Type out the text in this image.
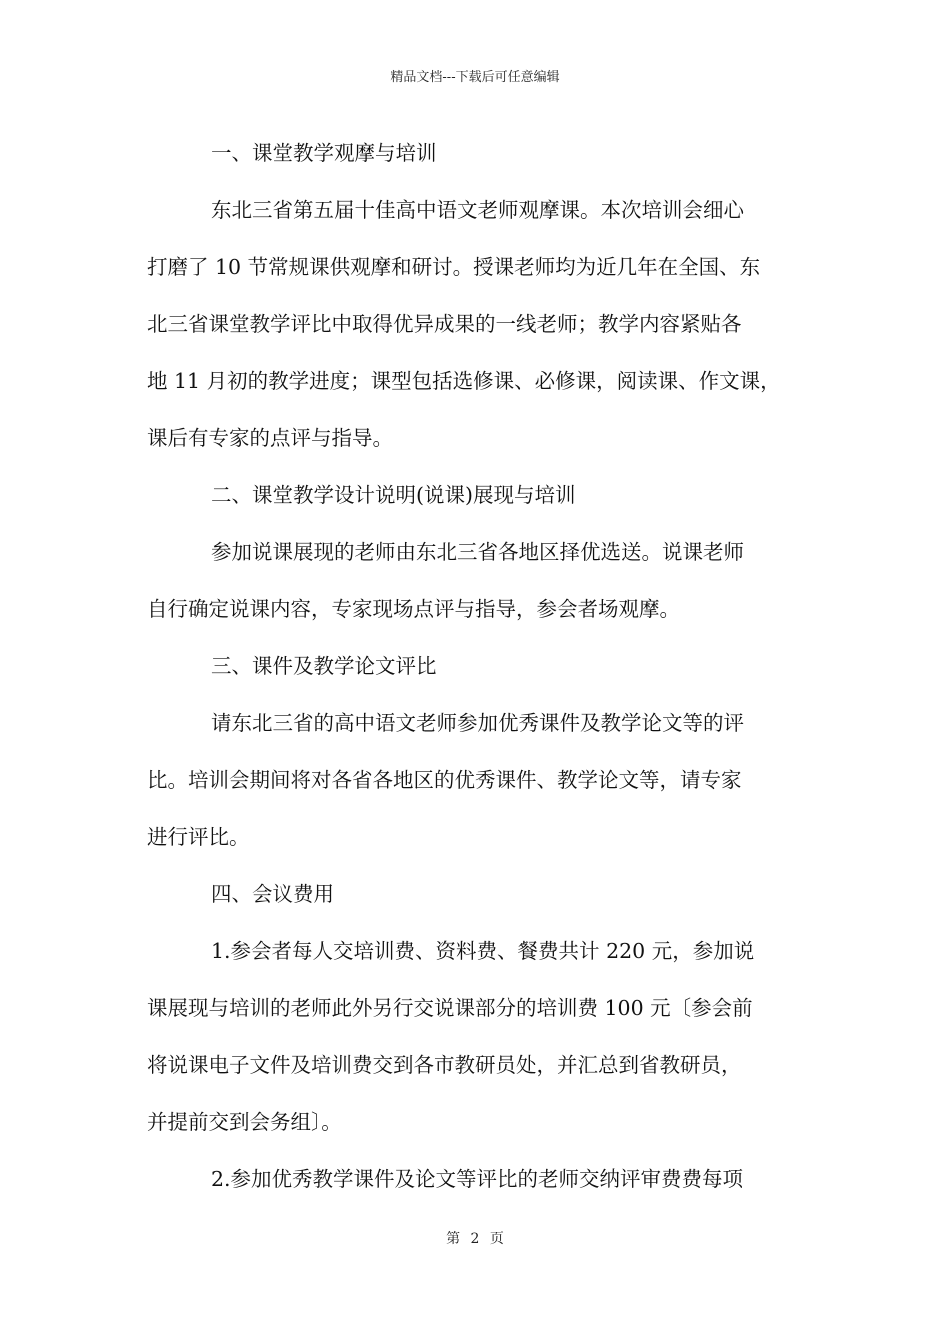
精品文档---下载后可任意编辑
一、课堂教学观摩与培训
东北三省第五届十佳高中语文老师观摩课。本次培训会细心
打磨了 10 节常规课供观摩和研讨。授课老师均为近几年在全国、东
北三省课堂教学评比中取得优异成果的一线老师；教学内容紧贴各
地 11 月初的教学进度；课型包括选修课、必修课，阅读课、作文课，
课后有专家的点评与指导。
二、课堂教学设计说明(说课)展现与培训
参加说课展现的老师由东北三省各地区择优选送。说课老师
自行确定说课内容，专家现场点评与指导，参会者场观摩。
三、课件及教学论文评比
请东北三省的高中语文老师参加优秀课件及教学论文等的评
比。培训会期间将对各省各地区的优秀课件、教学论文等，请专家
进行评比。
四、会议费用
1.参会者每人交培训费、资料费、餐费共计 220 元，参加说
课展现与培训的老师此外另行交说课部分的培训费 100 元〔参会前
将说课电子文件及培训费交到各市教研员处，并汇总到省教研员，
并提前交到会务组〕。
2.参加优秀教学课件及论文等评比的老师交纳评审费费每项
第 2 页
